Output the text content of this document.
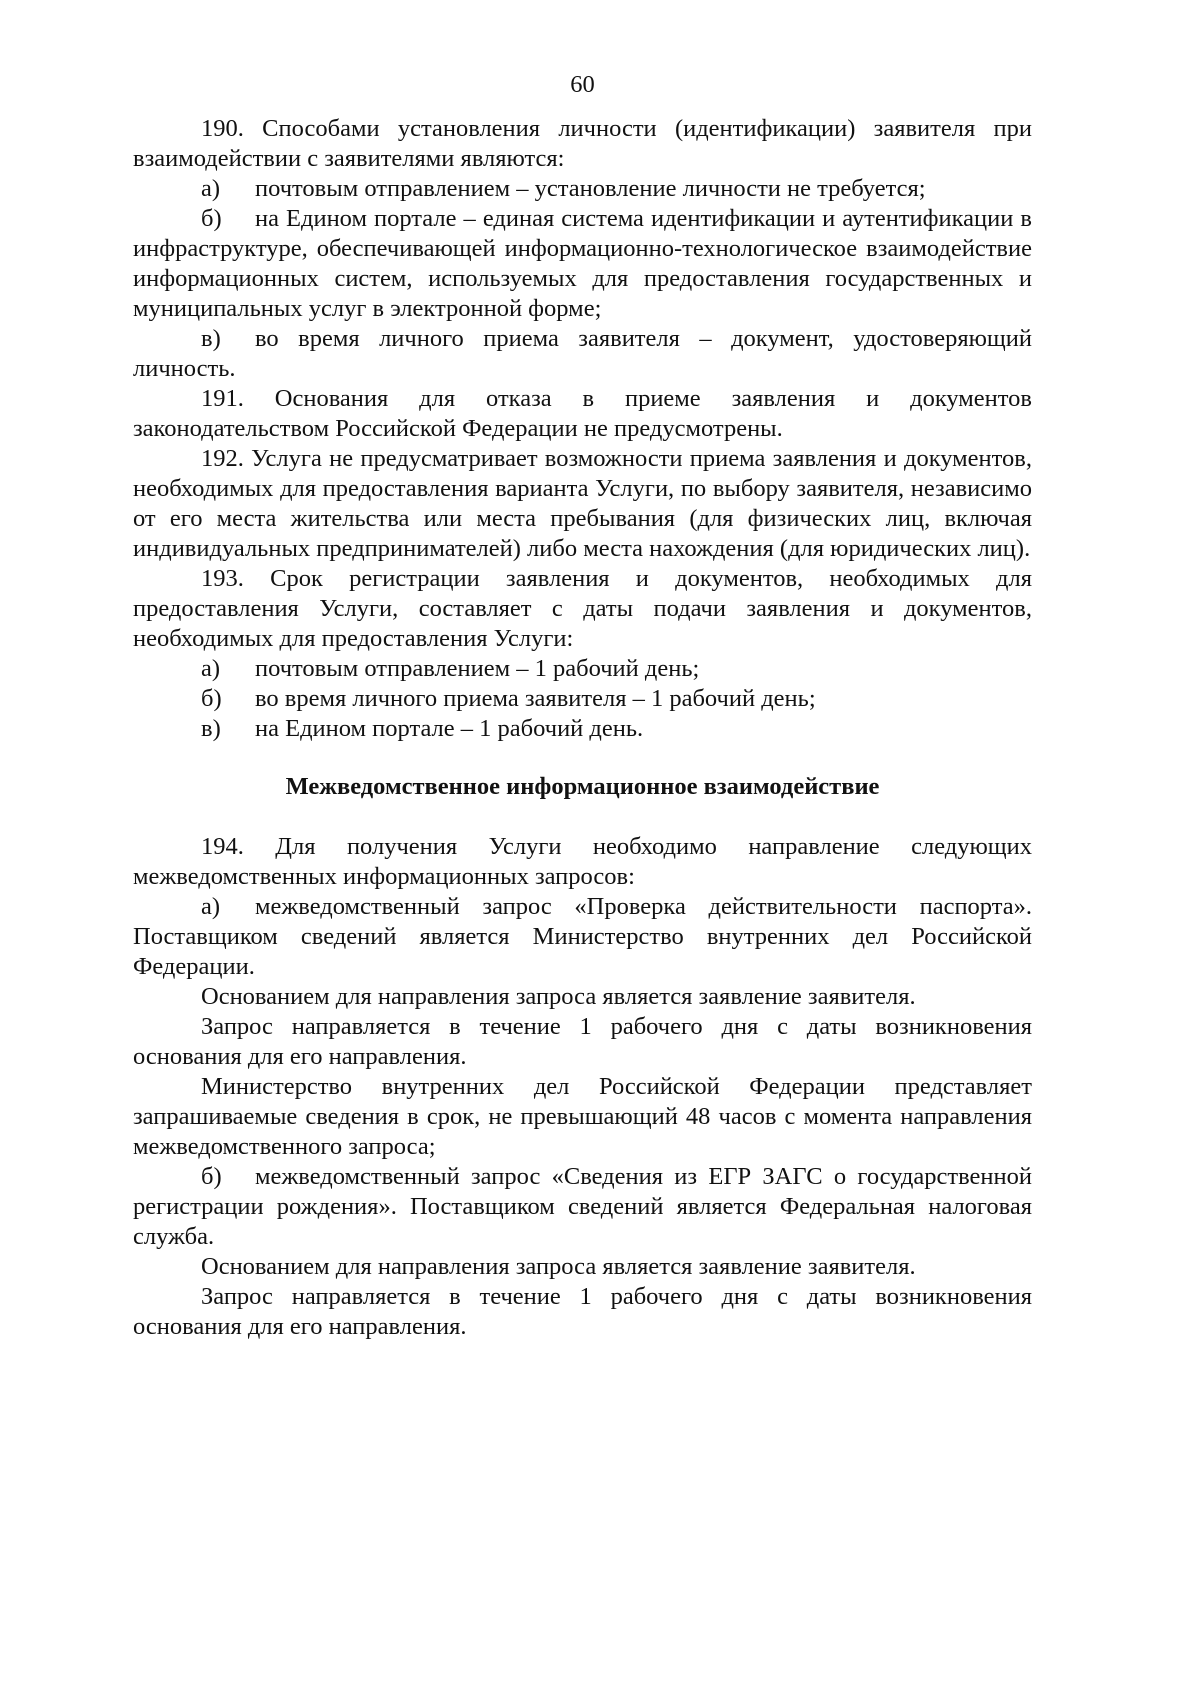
60

190. Способами установления личности (идентификации) заявителя при взаимодействии с заявителями являются:

а)	почтовым отправлением – установление личности не требуется;

б) на Едином портале – единая система идентификации и аутентификации в инфраструктуре, обеспечивающей информационно-технологическое взаимодействие информационных систем, используемых для предоставления государственных и муниципальных услуг в электронной форме;

в) во время личного приема заявителя – документ, удостоверяющий личность.

191. Основания для отказа в приеме заявления и документов законодательством Российской Федерации не предусмотрены.

192. Услуга не предусматривает возможности приема заявления и документов, необходимых для предоставления варианта Услуги, по выбору заявителя, независимо от его места жительства или места пребывания (для физических лиц, включая индивидуальных предпринимателей) либо места нахождения (для юридических лиц).

193. Срок регистрации заявления и документов, необходимых для предоставления Услуги, составляет с даты подачи заявления и документов, необходимых для предоставления Услуги:

а)	почтовым отправлением – 1 рабочий день;
б)	во время личного приема заявителя – 1 рабочий день;
в)	на Едином портале – 1 рабочий день.
Межведомственное информационное взаимодействие

194. Для получения Услуги необходимо направление следующих межведомственных информационных запросов:

а) межведомственный запрос «Проверка действительности паспорта». Поставщиком сведений является Министерство внутренних дел Российской Федерации.

Основанием для направления запроса является заявление заявителя.

Запрос направляется в течение 1 рабочего дня с даты возникновения основания для его направления.

Министерство внутренних дел Российской Федерации представляет запрашиваемые сведения в срок, не превышающий 48 часов с момента направления межведомственного запроса;

б) межведомственный запрос «Сведения из ЕГР ЗАГС о государственной регистрации рождения». Поставщиком сведений является Федеральная налоговая служба.

Основанием для направления запроса является заявление заявителя.

Запрос направляется в течение 1 рабочего дня с даты возникновения основания для его направления.
